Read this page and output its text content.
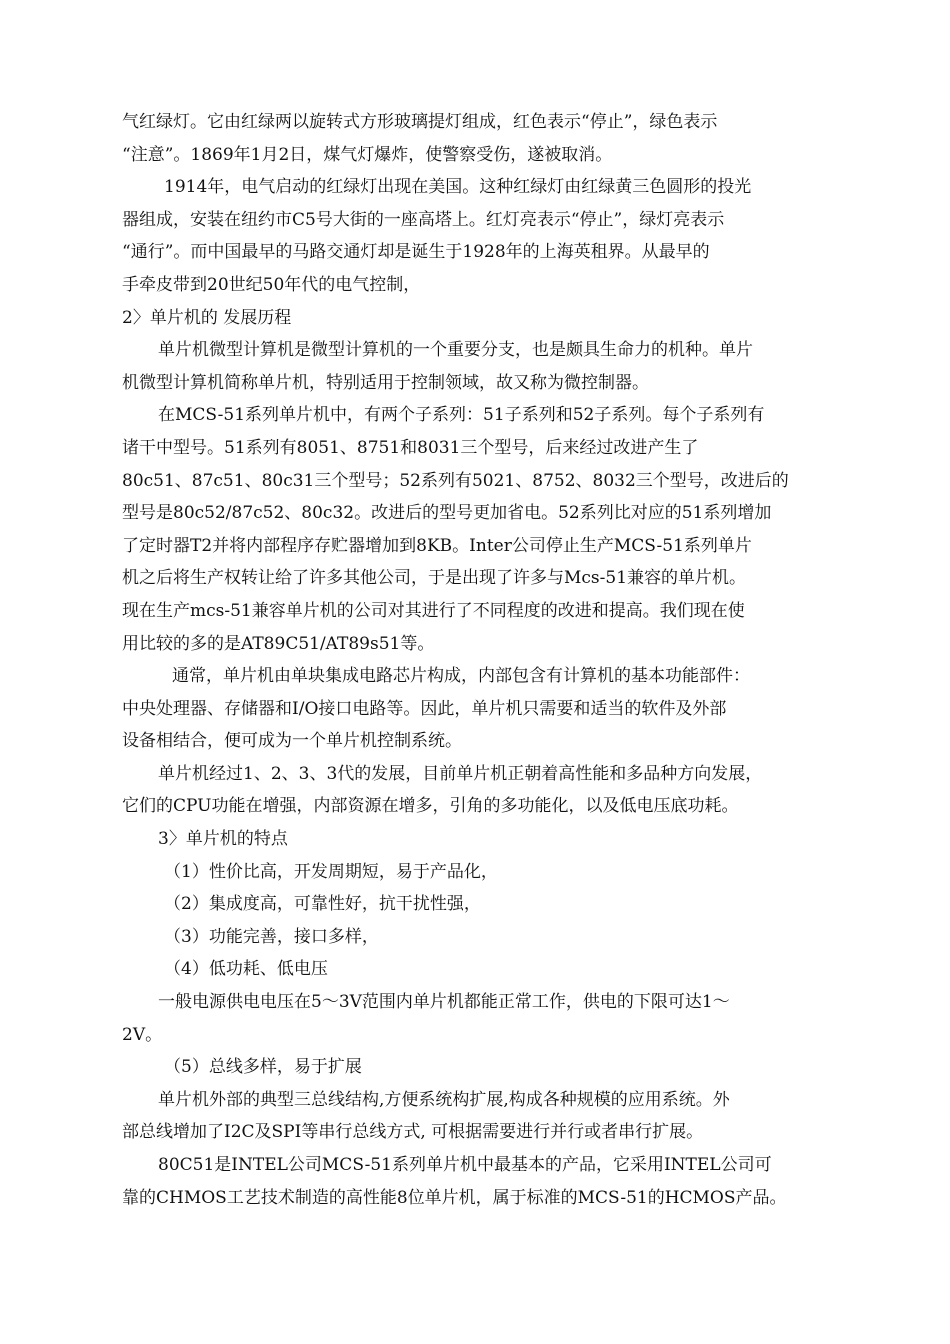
气红绿灯。它由红绿两以旋转式方形玻璃提灯组成，红色表示“停止”，绿色表示
“注意”。1869年1月2日，煤气灯爆炸，使警察受伤，遂被取消。
1914年，电气启动的红绿灯出现在美国。这种红绿灯由红绿黄三色圆形的投光
器组成，安装在纽约市C5号大街的一座高塔上。红灯亮表示“停止”，绿灯亮表示
“通行”。而中国最早的马路交通灯却是诞生于1928年的上海英租界。从最早的
手牵皮带到20世纪50年代的电气控制，
2〉单片机的 发展历程
单片机微型计算机是微型计算机的一个重要分支，也是颇具生命力的机种。单片
机微型计算机简称单片机，特别适用于控制领域，故又称为微控制器。
在MCS-51系列单片机中，有两个子系列：51子系列和52子系列。每个子系列有
诸干中型号。51系列有8051、8751和8031三个型号，后来经过改进产生了
80c51、87c51、80c31三个型号；52系列有5021、8752、8032三个型号，改进后的
型号是80c52/87c52、80c32。改进后的型号更加省电。52系列比对应的51系列增加
了定时器T2并将内部程序存贮器增加到8KB。Inter公司停止生产MCS-51系列单片
机之后将生产权转让给了许多其他公司，于是出现了许多与Mcs-51兼容的单片机。
现在生产mcs-51兼容单片机的公司对其进行了不同程度的改进和提高。我们现在使
用比较的多的是AT89C51/AT89s51等。
通常，单片机由单块集成电路芯片构成，内部包含有计算机的基本功能部件：
中央处理器、存储器和I/O接口电路等。因此，单片机只需要和适当的软件及外部
设备相结合，便可成为一个单片机控制系统。
单片机经过1、2、3、3代的发展，目前单片机正朝着高性能和多品种方向发展，
它们的CPU功能在增强，内部资源在增多，引角的多功能化，以及低电压底功耗。
3〉单片机的特点
（1）性价比高，开发周期短，易于产品化，
（2）集成度高，可靠性好，抗干扰性强，
（3）功能完善，接口多样，
（4）低功耗、低电压
一般电源供电电压在5～3V范围内单片机都能正常工作，供电的下限可达1～
2V。
（5）总线多样，易于扩展
单片机外部的典型三总线结构,方便系统构扩展,构成各种规模的应用系统。外
部总线增加了I2C及SPI等串行总线方式, 可根据需要进行并行或者串行扩展。
80C51是INTEL公司MCS-51系列单片机中最基本的产品，它采用INTEL公司可
靠的CHMOS工艺技术制造的高性能8位单片机，属于标准的MCS-51的HCMOS产品。
